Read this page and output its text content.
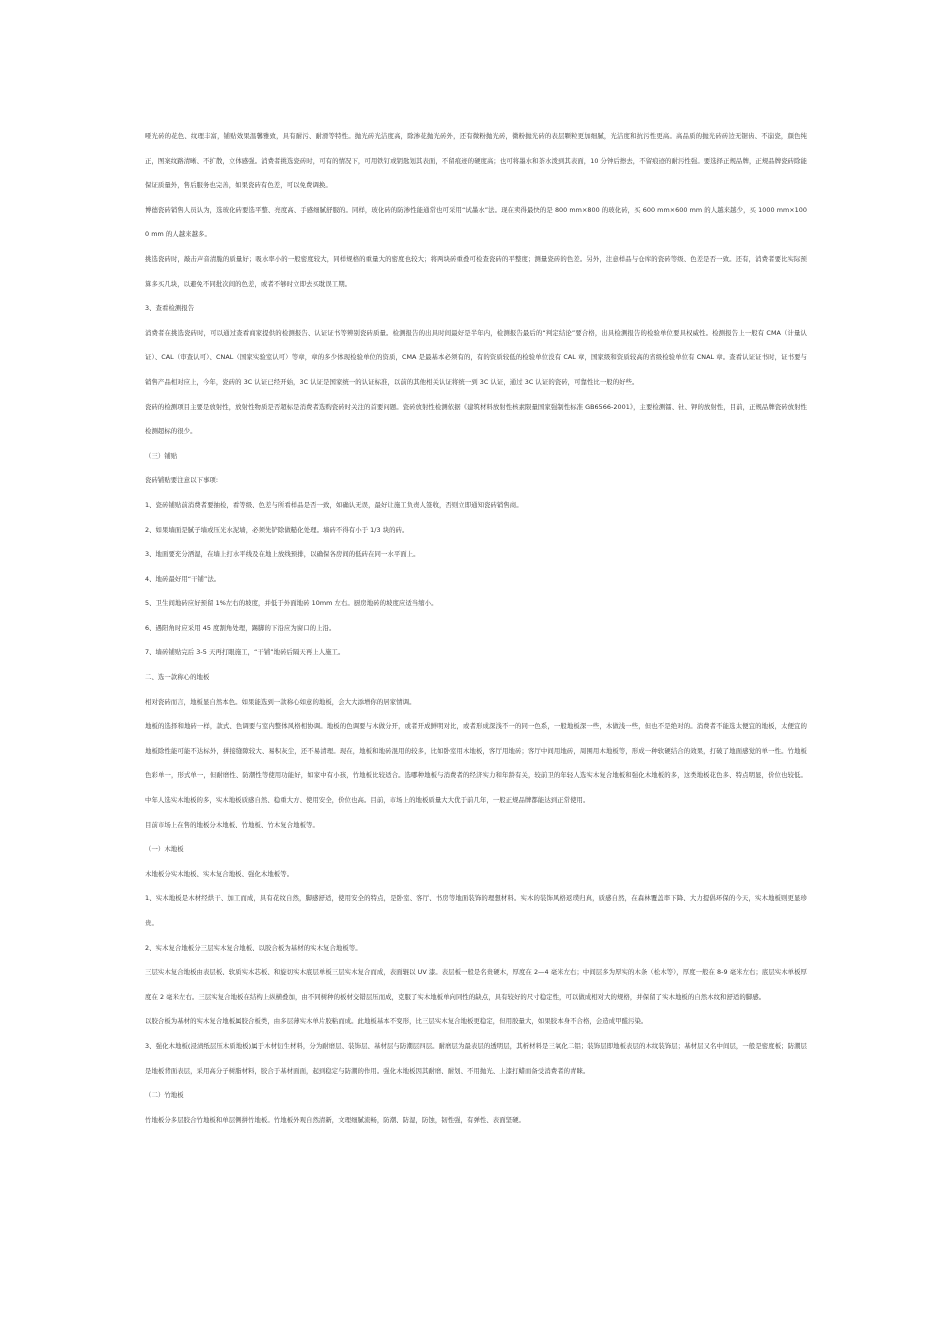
哑光砖的花色、纹理丰富，铺贴效果温馨雅致，具有耐污、耐滑等特性。抛光砖光洁度高，除渗花抛光砖外，还有微粉抛光砖，微粉抛光砖的表层颗粒更加细腻，光洁度和抗污性更高。高品质的抛光砖砖边无锯齿、不崩瓷，颜色纯正，图案纹路清晰、不扩散，立体感强。消费者挑选瓷砖时，可有的情况下，可用铁钉或钥匙划其表面，不留痕迹的硬度高；也可将墨水和茶水泼到其表面，10 分钟后擦去，不留痕迹的耐污性强。要选择正规品牌，正规品牌瓷砖除能保证质量外，售后服务也完善，如果瓷砖有色差，可以免费调换。

博德瓷砖销售人员认为，选玻化砖要选平整、亮度高、手感细腻舒服的。同样，玻化砖的防渗性能通常也可采用“试墨水”法。现在卖得最快的是 800 mm×800 的玻化砖，买 600 mm×600 mm 的人越来越少，买 1000 mm×1000 mm 的人越来越多。

挑选瓷砖时，敲击声音清脆的质量好；吸水率小的一般密度较大，同样规格的重量大的密度也较大；将两块砖重叠可检查瓷砖的平整度；测量瓷砖的色差。另外，注意样品与仓库的瓷砖等级、色差是否一致。还有，消费者要比实际预算多买几块，以避免不同批次间的色差，或者不够时立即去买耽误工期。

3、查看检测报告

消费者在挑选瓷砖时，可以通过查看商家提供的检测报告、认证证书等辨别瓷砖质量。检测报告的出具时间最好是半年内，检测报告最后的“判定结论”要合格，出具检测报告的检验单位要具权威性。检测报告上一般有 CMA（计量认证）、CAL（审查认可）、CNAL（国家实验室认可）等章，章的多少体现检验单位的资质，CMA 是最基本必须有的，有的资质较低的检验单位没有 CAL 章，国家级和资质较高的省级检验单位有 CNAL 章。查看认证证书时，证书要与销售产品相对应上，今年，瓷砖的 3C 认证已经开始，3C 认证是国家统一的认证标准，以前的其他相关认证将统一到 3C 认证，通过 3C 认证的瓷砖，可靠性比一般的好些。

瓷砖的检测项目主要是放射性，放射性物质是否超标是消费者选购瓷砖时关注的首要问题。瓷砖放射性检测依据《建筑材料放射性核素限量国家强制性标准 GB6566-2001》，主要检测镭、钍、钾的放射性，目前，正规品牌瓷砖放射性检测超标的很少。

（三）铺贴

瓷砖铺贴要注意以下事项:

1、瓷砖铺贴前消费者要抽检，看等级、色差与所看样品是否一致，如确认无误，最好让施工负责人签收，否则立即通知瓷砖销售商。

2、如果墙面是腻子墙或压光水泥墙，必须先铲除做糙化处理。墙砖不得有小于 1/3 块的砖。

3、地面要充分洒湿，在墙上打水平线及在地上放线预排，以确保各房间的低砖在同一水平面上。

4、地砖最好用“干铺”法。

5、卫生间地砖应好预留 1%左右的坡度，并低于外面地砖 10mm 左右。厨房地砖的坡度应适当缩小。

6、遇阳角时应采用 45 度割角处理，踢脚的下沿应为窗口的上沿。

7、墙砖铺贴完后 3-5 天再打眼施工，“干铺”地砖后隔天再上人施工。

二、选一款称心的地板

相对瓷砖而言，地板显自然本色。如果能选到一款称心如意的地板，会大大添增你的居家情调。

地板的选择和地砖一样，款式、色调要与室内整体风格相协调。地板的色调要与木做分开，或者开成鲜明对比，或者形成深浅不一的同一色系，一般地板深一些，木做浅一些，但也不是绝对的。消费者不能选太便宜的地板，太便宜的地板除性能可能不达标外，拼接缝隙较大、易积灰尘，还不易清理。现在，地板和地砖混用的较多，比如卧室用木地板，客厅用地砖；客厅中间用地砖，周围用木地板等，形成一种软硬结合的效果，打破了地面感觉的单一性。竹地板色彩单一，形式单一，但耐磨性、防潮性等使用功能好，如家中有小孩，竹地板比较适合。选哪种地板与消费者的经济实力和年龄有关，较前卫的年轻人选实木复合地板和强化木地板的多，这类地板花色多、特点明显，价位也较低。中年人选实木地板的多，实木地板质感自然、稳重大方、使用安全，价位也高。目前，市场上的地板质量大大优于前几年，一般正规品牌都能达到正常使用。

目前市场上在售的地板分木地板、竹地板、竹木复合地板等。

（一）木地板

木地板分实木地板、实木复合地板、强化木地板等。

1、实木地板是木材经烘干、加工而成，具有花纹自然，脚感舒适，使用安全的特点，是卧室、客厅、书房等地面装饰的理想材料。实木的装饰风格返璞归真，质感自然，在森林覆盖率下降、大力提倡环保的今天，实木地板则更显珍贵。

2、实木复合地板分三层实木复合地板、以胶合板为基材的实木复合地板等。

三层实木复合地板由表层板、软质实木芯板、和旋切实木底层单板三层实木复合而成，表面辊以 UV 漆。表层板一般是名贵硬木，厚度在 2—4 毫米左右；中间层多为厚实的木条（松木等），厚度一般在 8-9 毫米左右；底层实木单板厚度在 2 毫米左右。三层实复合地板在结构上纵横叠加，由不同树种的板材交错层压而成，克服了实木地板单向同性的缺点，具有较好的尺寸稳定性，可以做成相对大的规格，并保留了实木地板的自然木纹和舒适的脚感。

以胶合板为基材的实木复合地板属胶合板类，由多层薄实木单片胶粘而成。此地板基本不变形，比三层实木复合地板更稳定，但用胶量大，如果胶本身不合格，会造成甲醛污染。

3、强化木地板(浸渍纸层压木质地板)属于木材衍生材料，分为耐磨层、装饰层、基材层与防潮层四层。耐磨层为最表层的透明层，其析材料是三氧化二铝；装饰层即地板表层的木纹装饰层；基材层又名中间层，一般是密度板；防潮层是地板背面表层，采用高分子树脂材料，胶合于基材面面，起到稳定与防潮的作用。强化木地板因其耐磨、耐划、不用抛光、上漆打蜡而备受消费者的青睐。

（二）竹地板

竹地板分多层胶合竹地板和单层侧拼竹地板。竹地板外观自然清新，文理细腻流畅，防潮、防湿，防蚀，韧性强，有弹性、表面坚硬。
